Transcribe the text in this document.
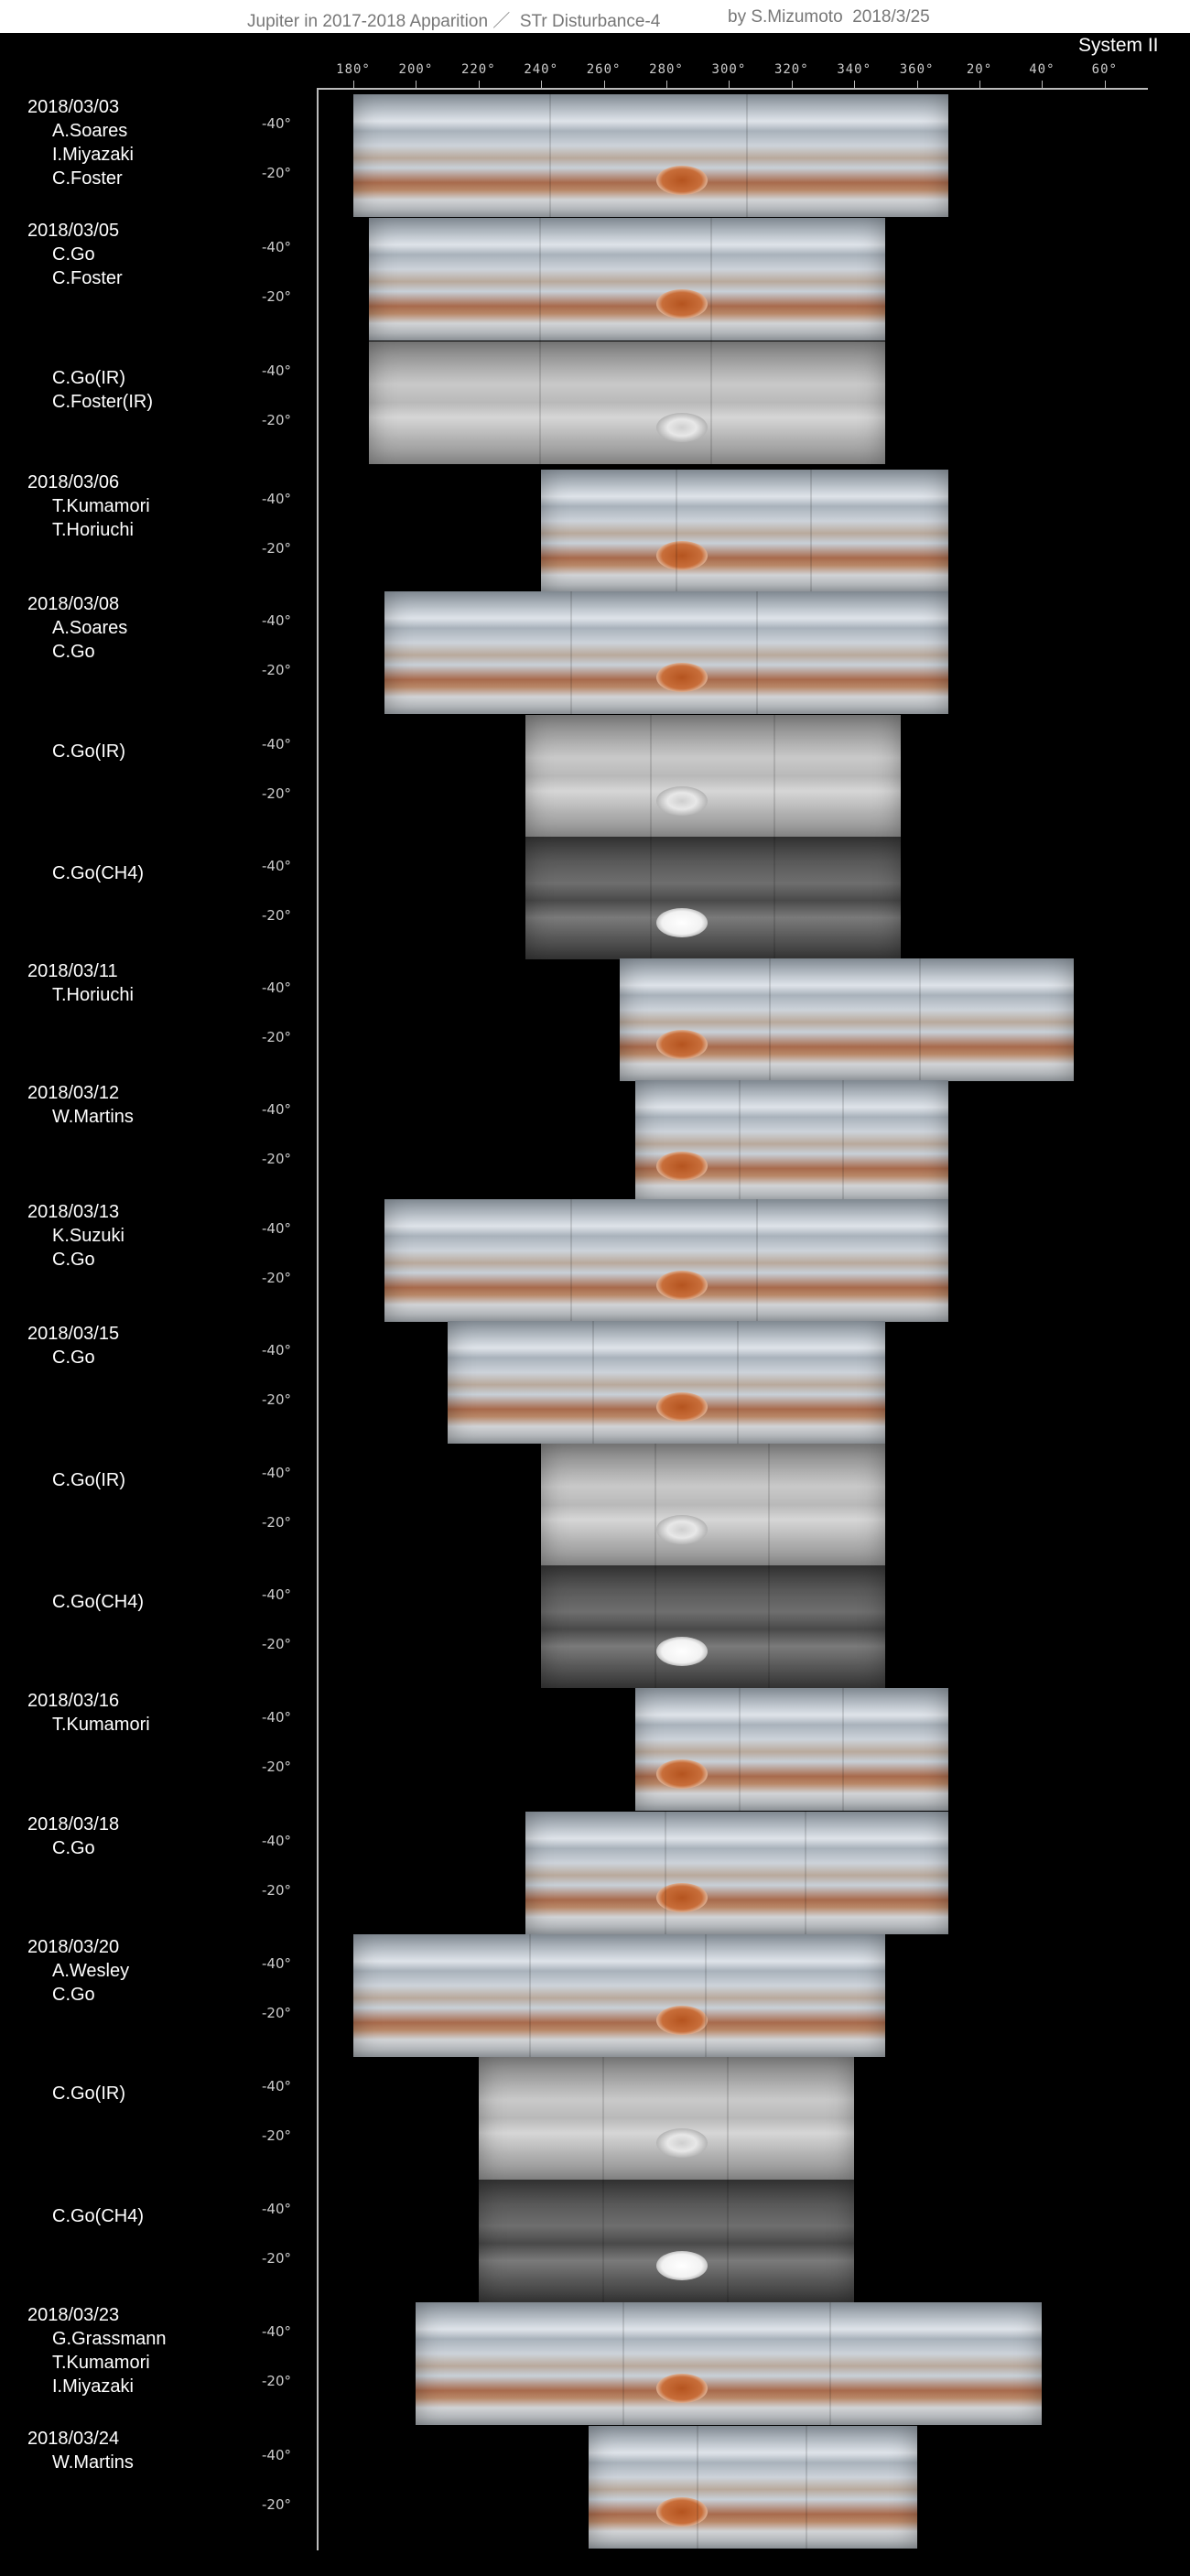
Jupiter in 2017-2018 Apparition ／  STr Disturbance-4	by S.Mizumoto  2018/3/25
System II
180° 200° 220° 240° 260° 280° 300° 320° 340° 360°	20°	40°	60°
2018/03/03
A.Soares
I.Miyazaki
C.Foster
-40°
-20°
2018/03/05
C.Go
C.Foster
-40°
-20°
C.Go(IR)
C.Foster(IR)
-40°
-20°
2018/03/06
T.Kumamori
T.Horiuchi
-40°
-20°
2018/03/08
A.Soares
C.Go
-40°
-20°
C.Go(IR)	-40°
-20°
C.Go(CH4)	-40°
-20°
2018/03/11
T.Horiuchi	-40°
-20°
2018/03/12
W.Martins	-40°
-20°
2018/03/13
K.Suzuki
C.Go
-40°
-20°
2018/03/15
C.Go	-40°
-20°
C.Go(IR)	-40°
-20°
C.Go(CH4)	-40°
-20°
2018/03/16
T.Kumamori	-40°
-20°
2018/03/18
C.Go	-40°
-20°
2018/03/20
A.Wesley
C.Go
-40°
-20°
C.Go(IR)	-40°
-20°
C.Go(CH4)	-40°
-20°
2018/03/23
G.Grassmann
T.Kumamori
I.Miyazaki
-40°
-20°
2018/03/24
W.Martins	-40°
-20°
